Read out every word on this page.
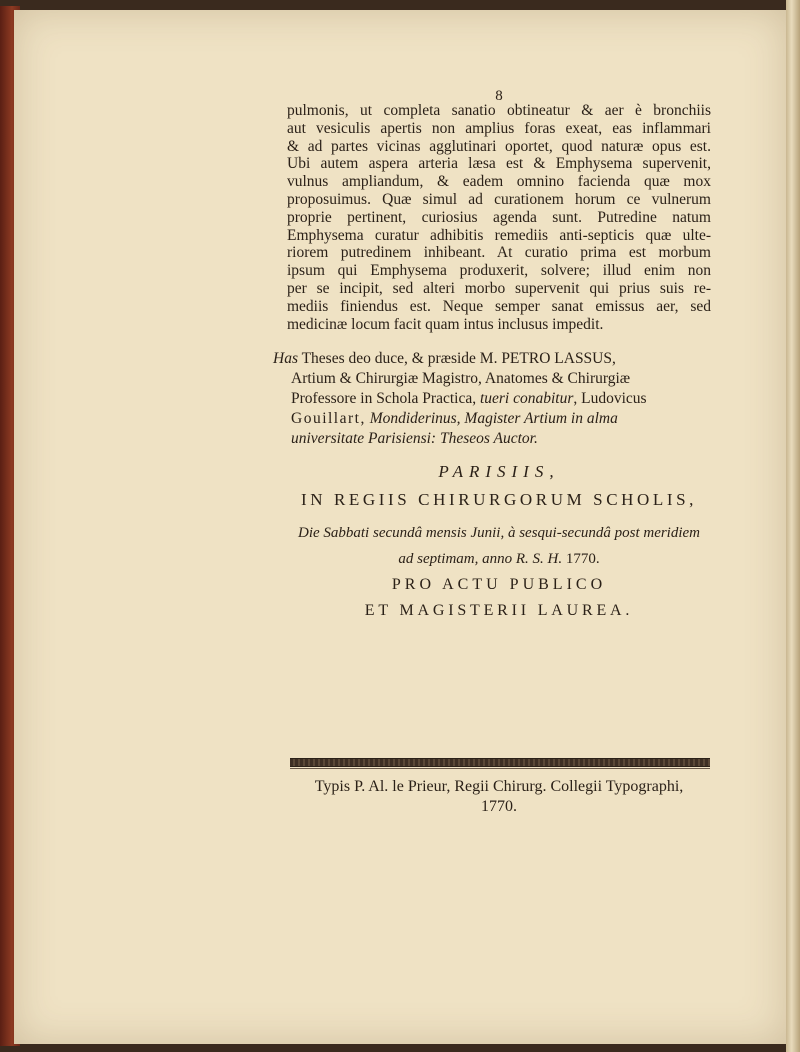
8
pulmonis, ut completa sanatio obtineatur & aer è bronchiis
aut vesiculis apertis non amplius foras exeat, eas inflammari
& ad partes vicinas agglutinari oportet, quod naturæ opus est.
Ubi autem aspera arteria læsa est & Emphysema supervenit,
vulnus ampliandum, & eadem omnino facienda quæ mox
proposuimus. Quæ simul ad curationem horum ce vulnerum
proprie pertinent, curiosius agenda sunt. Putredine natum
Emphysema curatur adhibitis remediis anti-septicis quæ ulte-
riorem putredinem inhibeant. At curatio prima est morbum
ipsum qui Emphysema produxerit, solvere; illud enim non
per se incipit, sed alteri morbo supervenit qui prius suis re-
mediis finiendus est. Neque semper sanat emissus aer, sed
medicinæ locum facit quam intus inclusus impedit.
Has Theses deo duce, & præside M. PETRO LASSUS,
Artium & Chirurgiæ Magistro, Anatomes & Chirurgiæ
Professore in Schola Practica, tueri conabitur, Ludovicus
Gouillart, Mondiderinus, Magister Artium in alma
universitate Parisiensi: Theseos Auctor.
PARISIIS,
IN REGIIS CHIRURGORUM SCHOLIS,
Die Sabbati secundâ mensis Junii, à sesqui-secundâ post meridiem
ad septimam, anno R. S. H. 1770.
PRO ACTU PUBLICO
ET MAGISTERII LAUREA.
Typis P. Al. le Prieur, Regii Chirurg. Collegii Typographi,
1770.
